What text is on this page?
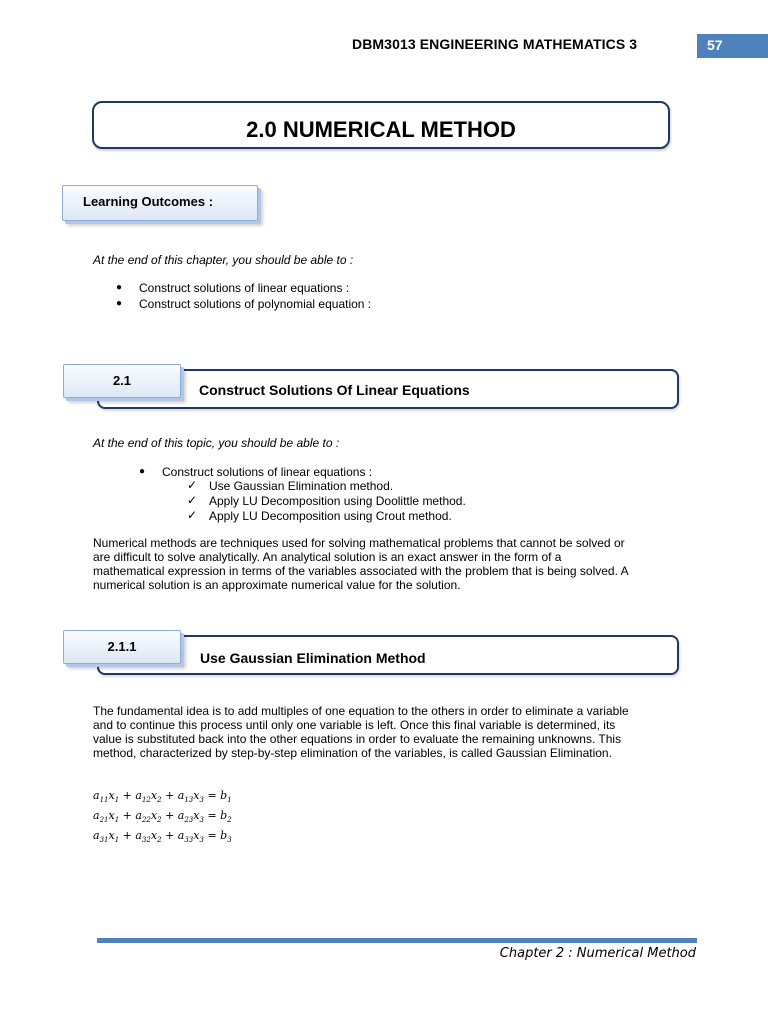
DBM3013 ENGINEERING MATHEMATICS 3	57
2.0 NUMERICAL METHOD
Learning Outcomes :
At the end of this chapter, you should be able to :
● Construct solutions of linear equations :
● Construct solutions of polynomial equation :
Construct Solutions Of Linear Equations
2.1
At the end of this topic, you should be able to :
● Construct solutions of linear equations :
✓ Use Gaussian Elimination method.
✓ Apply LU Decomposition using Doolittle method.
✓ Apply LU Decomposition using Crout method.
Numerical methods are techniques used for solving mathematical problems that cannot be solved or
are difficult to solve analytically. An analytical solution is an exact answer in the form of a
mathematical expression in terms of the variables associated with the problem that is being solved. A
numerical solution is an approximate numerical value for the solution.
Use Gaussian Elimination Method
2.1.1
The fundamental idea is to add multiples of one equation to the others in order to eliminate a variable
and to continue this process until only one variable is left. Once this final variable is determined, its
value is substituted back into the other equations in order to evaluate the remaining unknowns. This
method, characterized by step-by-step elimination of the variables, is called Gaussian Elimination.
$a_{11}x_1 + a_{12}x_2 + a_{13}x_3 = b_1$
$a_{21}x_1 + a_{22}x_2 + a_{23}x_3 = b_2$
$a_{31}x_1 + a_{32}x_2 + a_{33}x_3 = b_3$
Chapter 2 : Numerical Method
